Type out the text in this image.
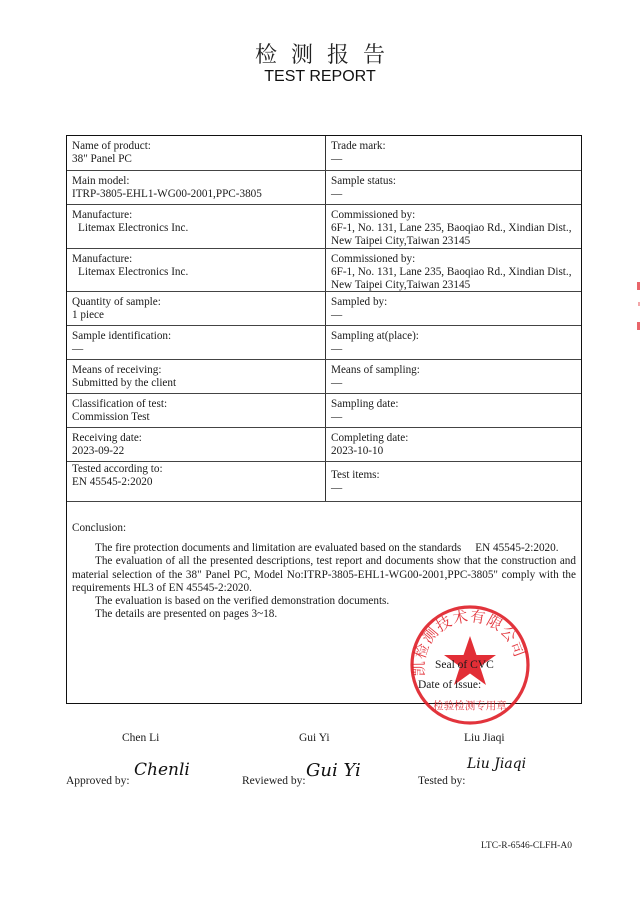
检测报告
TEST REPORT
Name of product:
38" Panel PC
Trade mark:
—
Main model:
ITRP-3805-EHL1-WG00-2001,PPC-3805
Sample status:
—
Manufacture:
Litemax Electronics Inc.
Commissioned by:
6F-1, No. 131, Lane 235, Baoqiao Rd., Xindian Dist.,
New Taipei City,Taiwan 23145
Manufacture:
Litemax Electronics Inc.
Commissioned by:
6F-1, No. 131, Lane 235, Baoqiao Rd., Xindian Dist.,
New Taipei City,Taiwan 23145
Quantity of sample:
1 piece
Sampled by:
—
Sample identification:
—
Sampling at(place):
—
Means of receiving:
Submitted by the client
Means of sampling:
—
Classification of test:
Commission Test
Sampling date:
—
Receiving date:
2023-09-22
Completing date:
2023-10-10
Tested according to:
EN 45545-2:2020
Test items:
—

Conclusion:

The fire protection documents and limitation are evaluated based on the standards EN 45545-2:2020.

The evaluation of all the presented descriptions, test report and documents show that the construction and material selection of the 38" Panel PC, Model No:ITRP-3805-EHL1-WG00-2001,PPC-3805" comply with the requirements HL3 of EN 45545-2:2020.

The evaluation is based on the verified demonstration documents.

The details are presented on pages 3~18.

凯检测技术有限公司
检验检测专用章
Seal of CVC
Date of issue:
Chen Li	Gui Yi	Liu Jiaqi
Approved by:
Chenli
Reviewed by: Gui Yi	Tested by:
Liu Jiaqi
LTC-R-6546-CLFH-A0
